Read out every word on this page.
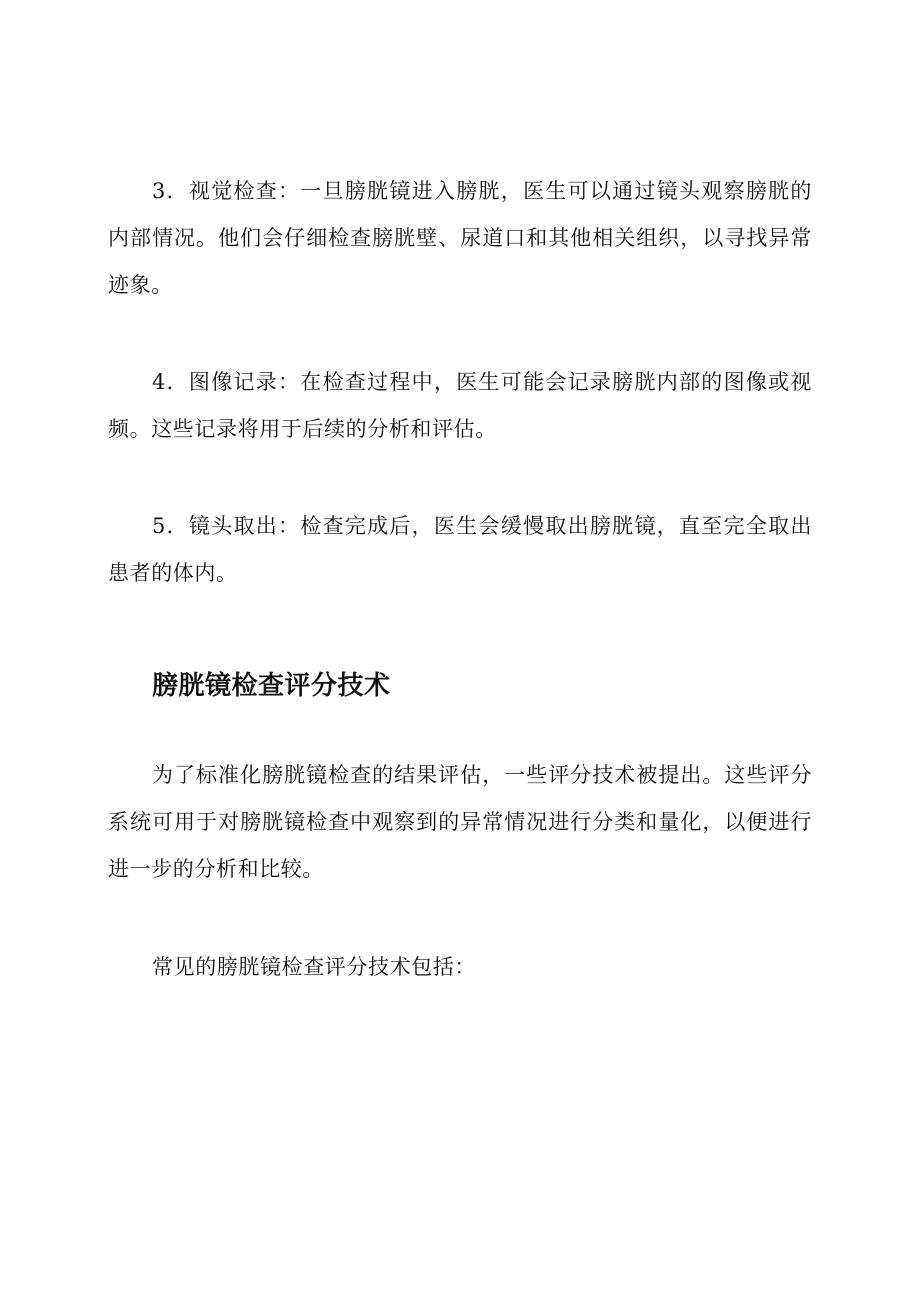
3．视觉检查：一旦膀胱镜进入膀胱，医生可以通过镜头观察膀胱的内部情况。他们会仔细检查膀胱壁、尿道口和其他相关组织，以寻找异常迹象。

4．图像记录：在检查过程中，医生可能会记录膀胱内部的图像或视频。这些记录将用于后续的分析和评估。

5．镜头取出：检查完成后，医生会缓慢取出膀胱镜，直至完全取出患者的体内。

膀胱镜检查评分技术

为了标准化膀胱镜检查的结果评估，一些评分技术被提出。这些评分系统可用于对膀胱镜检查中观察到的异常情况进行分类和量化，以便进行进一步的分析和比较。

常见的膀胱镜检查评分技术包括：
